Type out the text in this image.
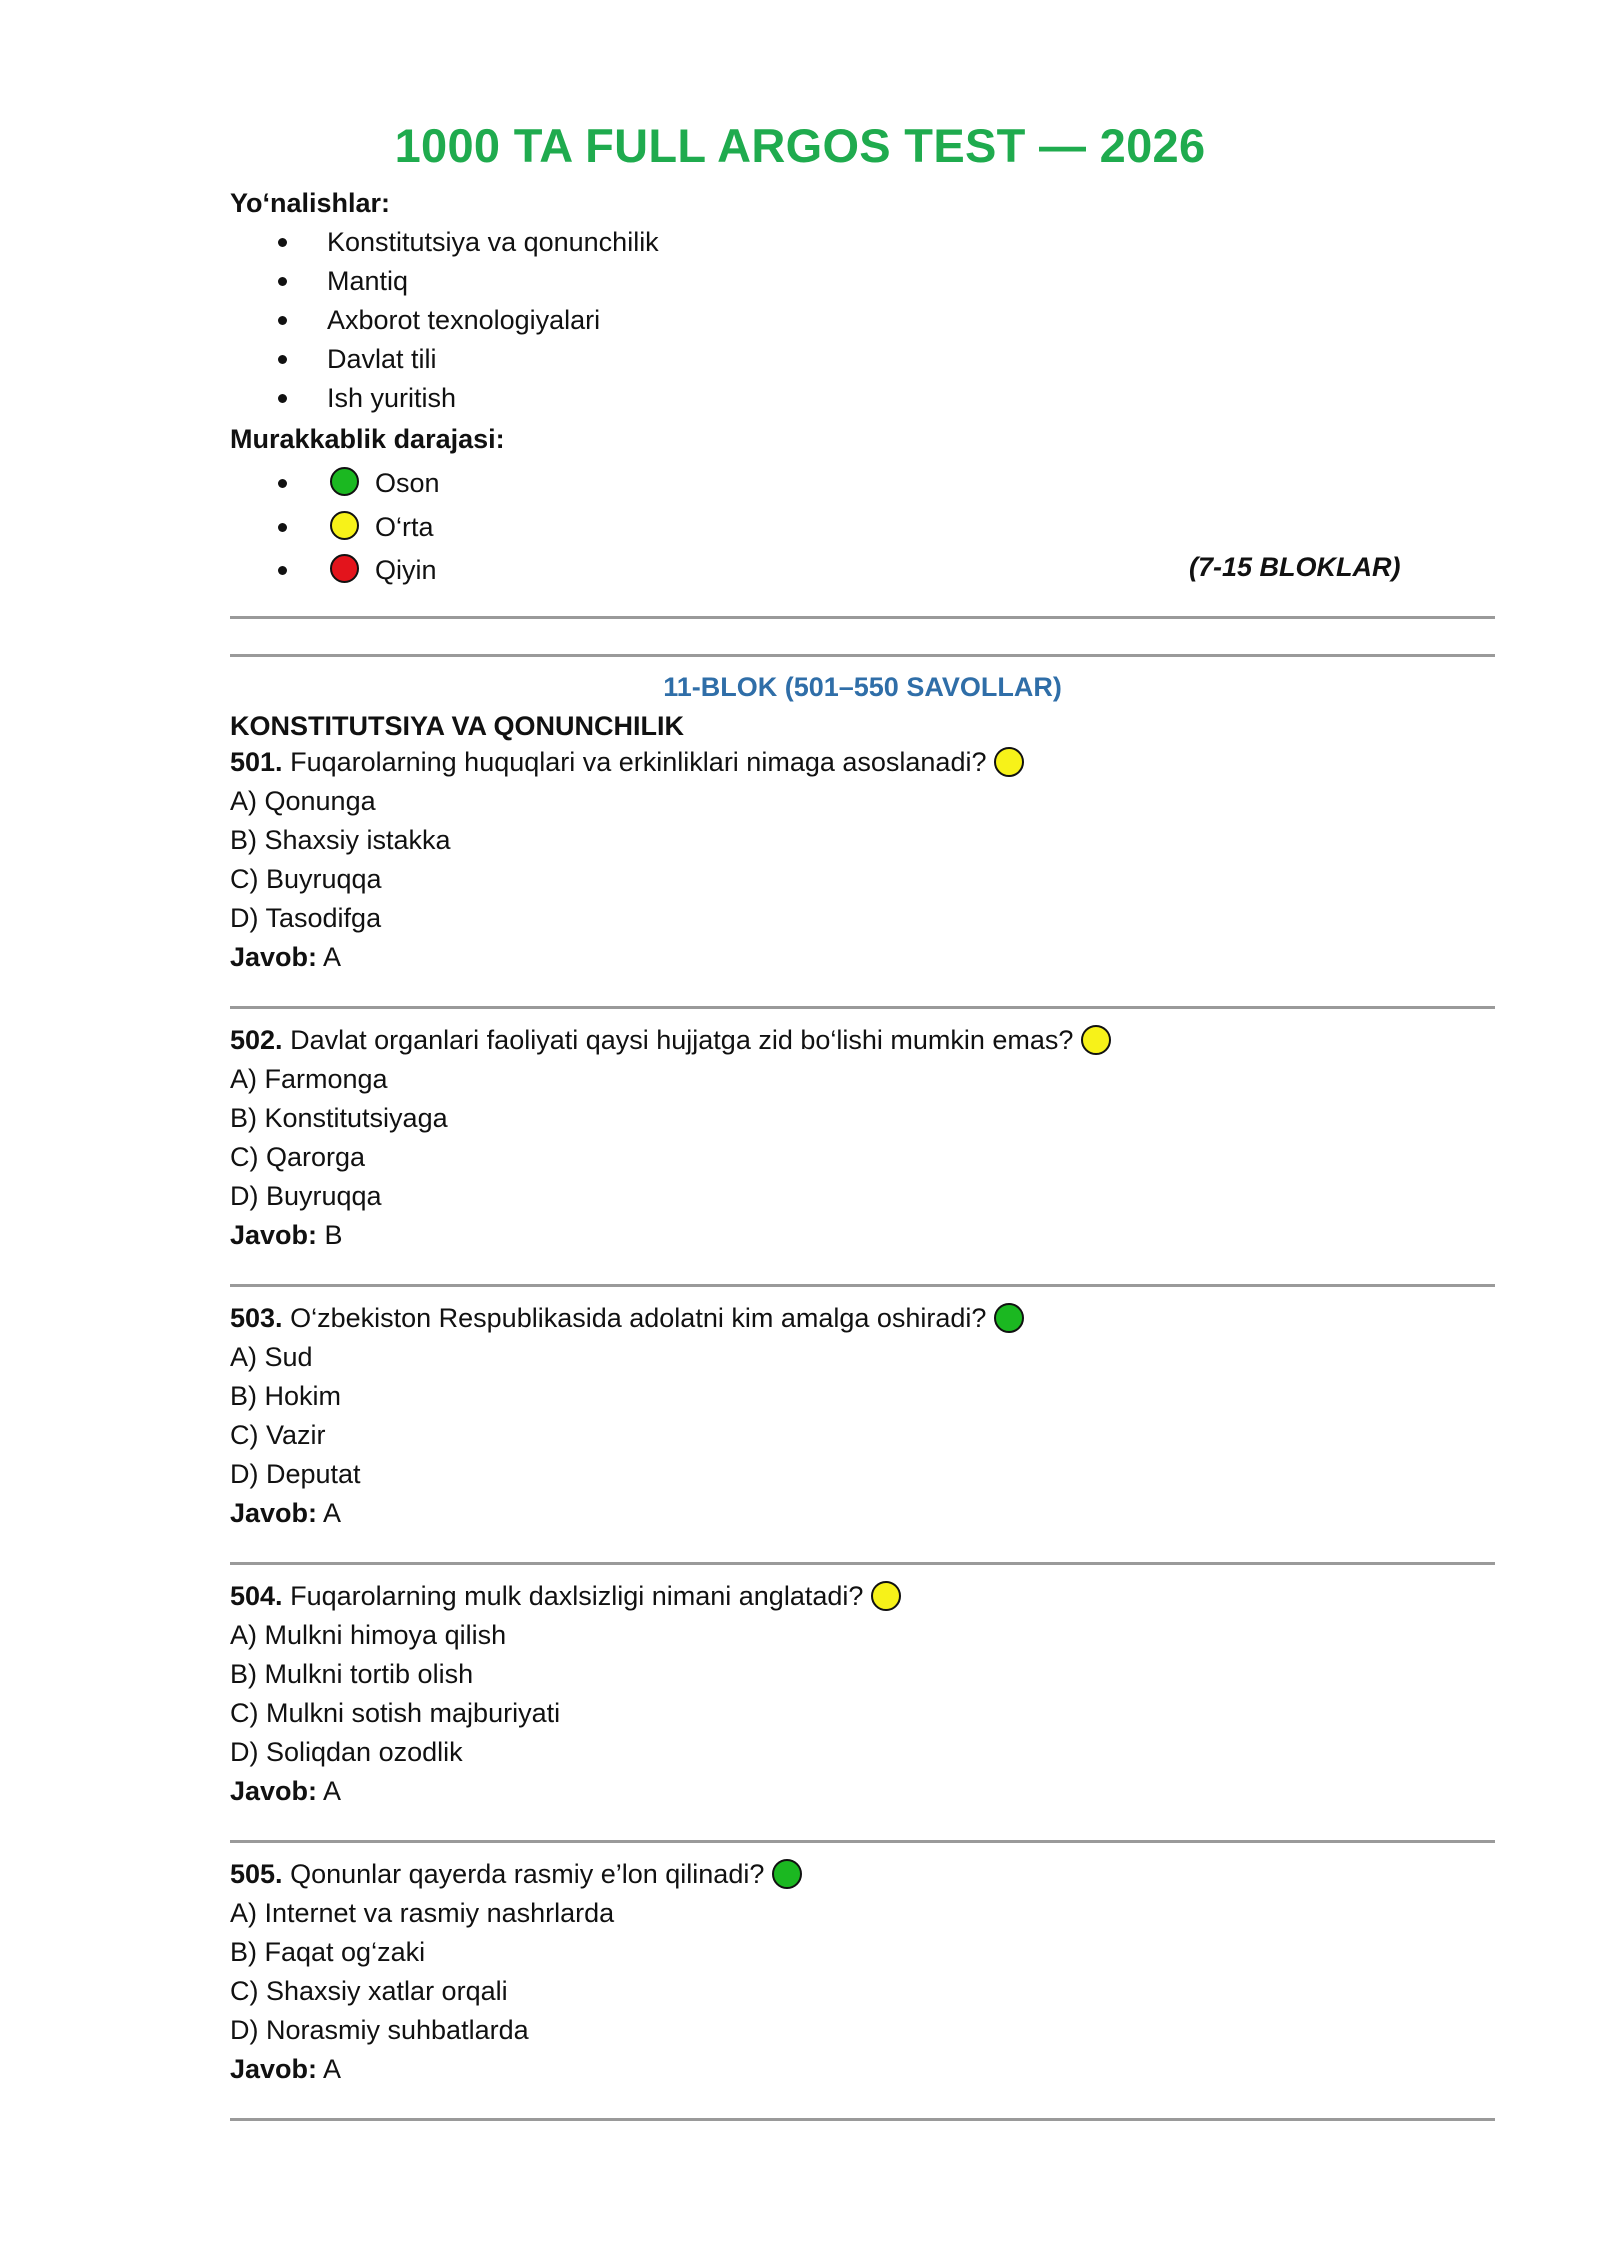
1000 TA FULL ARGOS TEST — 2026
Yo‘nalishlar:
Konstitutsiya va qonunchilik
Mantiq
Axborot texnologiyalari
Davlat tili
Ish yuritish
Murakkablik darajasi:
Oson
O‘rta
Qiyin	(7-15 BLOKLAR)
11-BLOK (501–550 SAVOLLAR)
KONSTITUTSIYA VA QONUNCHILIK
501. Fuqarolarning huquqlari va erkinliklari nimaga asoslanadi?
A) Qonunga
B) Shaxsiy istakka
C) Buyruqqa
D) Tasodifga
Javob: A
502. Davlat organlari faoliyati qaysi hujjatga zid bo‘lishi mumkin emas?
A) Farmonga
B) Konstitutsiyaga
C) Qarorga
D) Buyruqqa
Javob: B
503. O‘zbekiston Respublikasida adolatni kim amalga oshiradi?
A) Sud
B) Hokim
C) Vazir
D) Deputat
Javob: A
504. Fuqarolarning mulk daxlsizligi nimani anglatadi?
A) Mulkni himoya qilish
B) Mulkni tortib olish
C) Mulkni sotish majburiyati
D) Soliqdan ozodlik
Javob: A
505. Qonunlar qayerda rasmiy e’lon qilinadi?
A) Internet va rasmiy nashrlarda
B) Faqat og‘zaki
C) Shaxsiy xatlar orqali
D) Norasmiy suhbatlarda
Javob: A
